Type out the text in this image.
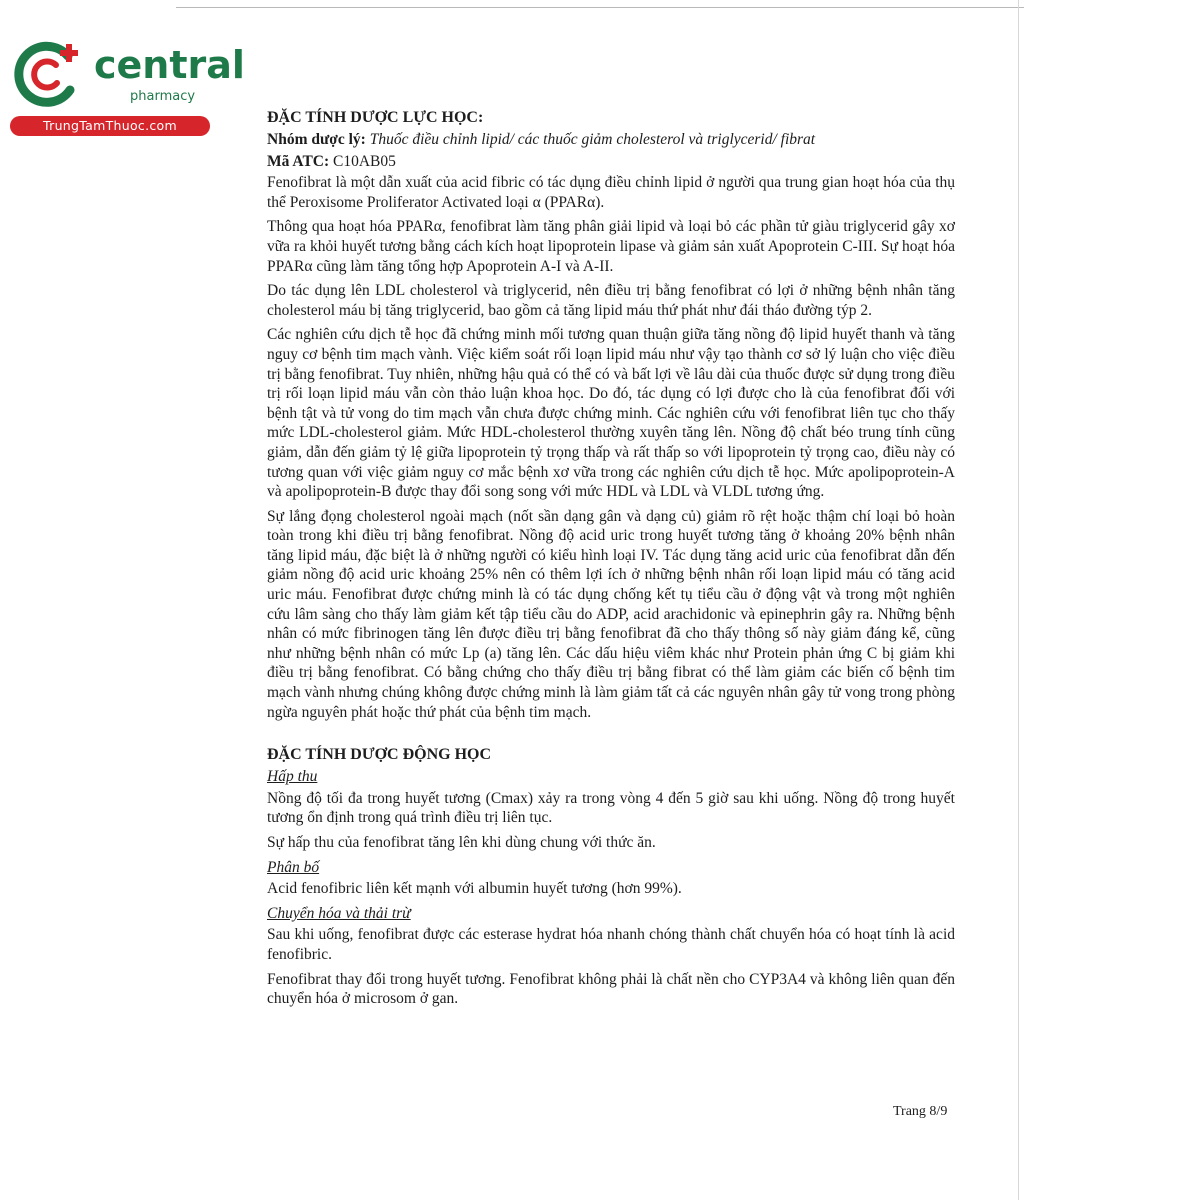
central
pharmacy
TrungTamThuoc.com	ĐẶC TÍNH DƯỢC LỰC HỌC:
Nhóm dược lý: Thuốc điều chỉnh lipid/ các thuốc giảm cholesterol và triglycerid/ fibrat
Mã ATC: C10AB05

Fenofibrat là một dẫn xuất của acid fibric có tác dụng điều chỉnh lipid ở người qua trung gian hoạt hóa của thụ thể Peroxisome Proliferator Activated loại α (PPARα).

Thông qua hoạt hóa PPARα, fenofibrat làm tăng phân giải lipid và loại bỏ các phần tử giàu triglycerid gây xơ vữa ra khỏi huyết tương bằng cách kích hoạt lipoprotein lipase và giảm sản xuất Apoprotein C-III. Sự hoạt hóa PPARα cũng làm tăng tổng hợp Apoprotein A-I và A-II.

Do tác dụng lên LDL cholesterol và triglycerid, nên điều trị bằng fenofibrat có lợi ở những bệnh nhân tăng cholesterol máu bị tăng triglycerid, bao gồm cả tăng lipid máu thứ phát như đái tháo đường týp 2.

Các nghiên cứu dịch tễ học đã chứng minh mối tương quan thuận giữa tăng nồng độ lipid huyết thanh và tăng nguy cơ bệnh tim mạch vành. Việc kiểm soát rối loạn lipid máu như vậy tạo thành cơ sở lý luận cho việc điều trị bằng fenofibrat. Tuy nhiên, những hậu quả có thể có và bất lợi về lâu dài của thuốc được sử dụng trong điều trị rối loạn lipid máu vẫn còn thảo luận khoa học. Do đó, tác dụng có lợi được cho là của fenofibrat đối với bệnh tật và tử vong do tim mạch vẫn chưa được chứng minh. Các nghiên cứu với fenofibrat liên tục cho thấy mức LDL-cholesterol giảm. Mức HDL-cholesterol thường xuyên tăng lên. Nồng độ chất béo trung tính cũng giảm, dẫn đến giảm tỷ lệ giữa lipoprotein tỷ trọng thấp và rất thấp so với lipoprotein tỷ trọng cao, điều này có tương quan với việc giảm nguy cơ mắc bệnh xơ vữa trong các nghiên cứu dịch tễ học. Mức apolipoprotein-A và apolipoprotein-B được thay đổi song song với mức HDL và LDL và VLDL tương ứng.

Sự lắng đọng cholesterol ngoài mạch (nốt sần dạng gân và dạng củ) giảm rõ rệt hoặc thậm chí loại bỏ hoàn toàn trong khi điều trị bằng fenofibrat. Nồng độ acid uric trong huyết tương tăng ở khoảng 20% bệnh nhân tăng lipid máu, đặc biệt là ở những người có kiểu hình loại IV. Tác dụng tăng acid uric của fenofibrat dẫn đến giảm nồng độ acid uric khoảng 25% nên có thêm lợi ích ở những bệnh nhân rối loạn lipid máu có tăng acid uric máu. Fenofibrat được chứng minh là có tác dụng chống kết tụ tiểu cầu ở động vật và trong một nghiên cứu lâm sàng cho thấy làm giảm kết tập tiểu cầu do ADP, acid arachidonic và epinephrin gây ra. Những bệnh nhân có mức fibrinogen tăng lên được điều trị bằng fenofibrat đã cho thấy thông số này giảm đáng kể, cũng như những bệnh nhân có mức Lp (a) tăng lên. Các dấu hiệu viêm khác như Protein phản ứng C bị giảm khi điều trị bằng fenofibrat. Có bằng chứng cho thấy điều trị bằng fibrat có thể làm giảm các biến cố bệnh tim mạch vành nhưng chúng không được chứng minh là làm giảm tất cả các nguyên nhân gây tử vong trong phòng ngừa nguyên phát hoặc thứ phát của bệnh tim mạch.

ĐẶC TÍNH DƯỢC ĐỘNG HỌC
Hấp thu

Nồng độ tối đa trong huyết tương (Cmax) xảy ra trong vòng 4 đến 5 giờ sau khi uống. Nồng độ trong huyết tương ổn định trong quá trình điều trị liên tục.

Sự hấp thu của fenofibrat tăng lên khi dùng chung với thức ăn.

Phân bố

Acid fenofibric liên kết mạnh với albumin huyết tương (hơn 99%).

Chuyển hóa và thải trừ

Sau khi uống, fenofibrat được các esterase hydrat hóa nhanh chóng thành chất chuyển hóa có hoạt tính là acid fenofibric.

Fenofibrat thay đổi trong huyết tương. Fenofibrat không phải là chất nền cho CYP3A4 và không liên quan đến chuyển hóa ở microsom ở gan.

Trang 8/9
